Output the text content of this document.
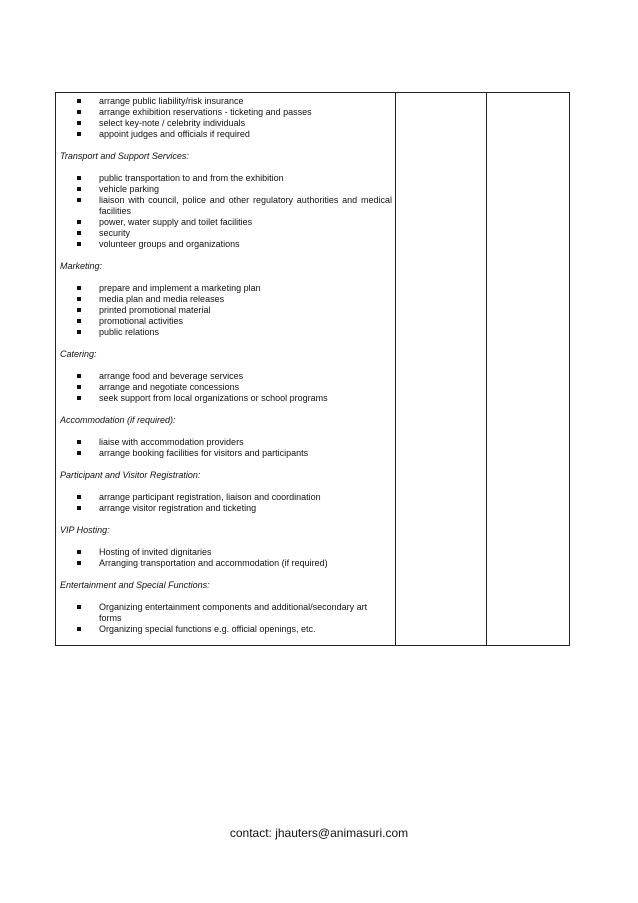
arrange public liability/risk insurance
arrange exhibition reservations - ticketing and passes
select key-note / celebrity individuals
appoint judges and officials if required
Transport and Support Services:
public transportation to and from the exhibition
vehicle parking
liaison with council, police and other regulatory authorities and medical facilities
power, water supply and toilet facilities
security
volunteer groups and organizations
Marketing:
prepare and implement a marketing plan
media plan and media releases
printed promotional material
promotional activities
public relations
Catering:
arrange food and beverage services
arrange and negotiate concessions
seek support from local organizations or school programs
Accommodation (if required):
liaise with accommodation providers
arrange booking facilities for visitors and participants
Participant and Visitor Registration:
arrange participant registration, liaison and coordination
arrange visitor registration and ticketing
VIP Hosting:
Hosting of invited dignitaries
Arranging transportation and accommodation (if required)
Entertainment and Special Functions:
Organizing entertainment components and additional/secondary art forms
Organizing special functions e.g. official openings, etc.
contact: jhauters@animasuri.com
